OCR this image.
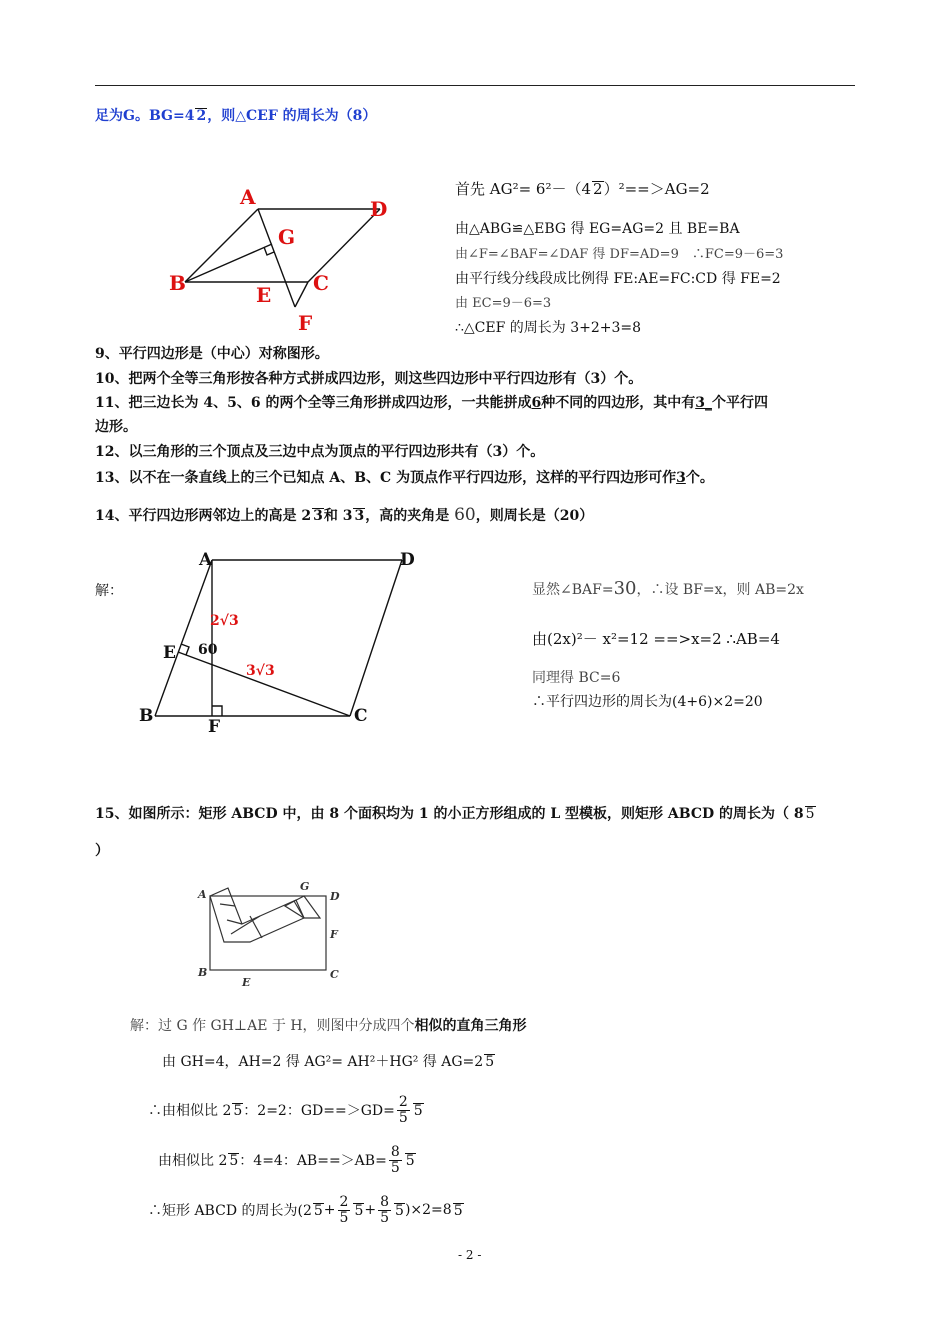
足为G。BG=4 2，则△CEF 的周长为（8）
A	D
G
B	E C
F
首先 AG²= 6²－（4 2）²==＞AG=2
由△ABG≌△EBG 得 EG=AG=2 且 BE=BA
由∠F=∠BAF=∠DAF 得 DF=AD=9　∴FC=9－6=3
由平行线分线段成比例得 FE:AE=FC:CD 得 FE=2
由 EC=9－6=3
∴△CEF 的周长为 3+2+3=8
9、平行四边形是（中心）对称图形。
10、把两个全等三角形按各种方式拼成四边形，则这些四边形中平行四边形有（3）个。
11、把三边长为 4、5、6 的两个全等三角形拼成四边形，一共能拼成6种不同的四边形，其中有3_个平行四
边形。
12、以三角形的三个顶点及三边中点为顶点的平行四边形共有（3）个。
13、以不在一条直线上的三个已知点 A、B、C 为顶点作平行四边形，这样的平行四边形可作3个。
14、平行四边形两邻边上的高是 2 3和 3 3，高的夹角是 60，则周长是（20）
A	D
E
B	C
F
60
2√3
3√3
解：	显然∠BAF=30，∴设 BF=x，则 AB=2x
由(2x)²－ x²=12 ==>x=2 ∴AB=4
同理得 BC=6
∴平行四边形的周长为(4+6)×2=20
15、如图所示：矩形 ABCD 中，由 8 个面积均为 1 的小正方形组成的 L 型模板，则矩形 ABCD 的周长为（ 8 5
）
A
G
D
F
B
E
C
解：过 G 作 GH⊥AE 于 H，则图中分成四个相似的直角三角形
由 GH=4，AH=2 得 AG²= AH²＋HG² 得 AG=2 5
∴由相似比 2 5 ：2=2：$GD==>GD= \frac{2}{5} 5$
由相似比 2 5 ：4=4：$AB==>AB= \frac{8}{5} 5$
∴矩形 ABCD 的周长为(2 $5 + \frac{2}{5} 5 + \frac{8}{5} 5$ )×2=8 5
- 2 -
